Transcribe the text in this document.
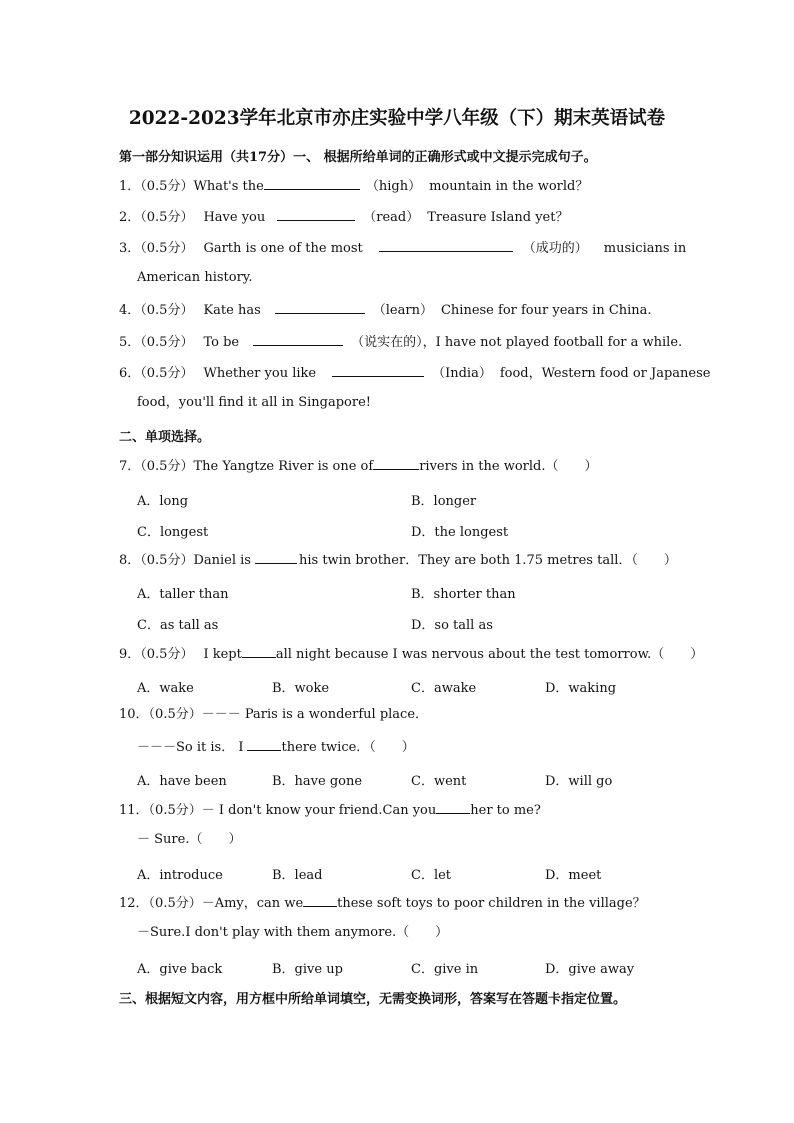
2022-2023学年北京市亦庄实验中学八年级（下）期末英语试卷
第一部分知识运用（共17分）一、 根据所给单词的正确形式或中文提示完成句子。
1．（0.5分）What's the	（high） mountain in the world？
2．（0.5分） Have you	（read） Treasure Island yet？
3．（0.5分） Garth is one of the most	（成功的） musicians in
American history.
4．（0.5分） Kate has	（learn） Chinese for four years in China.
5．（0.5分） To be	（说实在的），I have not played football for a while.
6．（0.5分） Whether you like	（India） food，Western food or Japanese
food，you'll find it all in Singapore!
二、单项选择。
7．（0.5分）The Yangtze River is one of	rivers in the world.（　　）
A．long	B．longer
C．longest	D．the longest
8．（0.5分）Daniel is	his twin brother．They are both 1.75 metres tall．（　　）
A．taller than	B．shorter than
C．as tall as	D．so tall as
9．（0.5分） I kept	all night because I was nervous about the test tomorrow.（　　）
A．wake	B．woke	C．awake	D．waking
10．（0.5分）－－－ Paris is a wonderful place．
－－－So it is． I	there twice．（　　）
A．have been	B．have gone	C．went	D．will go
11．（0.5分）－ I don't know your friend.Can you	her to me?
－ Sure.（　　）
A．introduce	B．lead	C．let	D．meet
12．（0.5分）－Amy，can we	these soft toys to poor children in the village？
－Sure.I don't play with them anymore.（　　）
A．give back	B．give up	C．give in	D．give away
三、根据短文内容，用方框中所给单词填空，无需变换词形，答案写在答题卡指定位置。
